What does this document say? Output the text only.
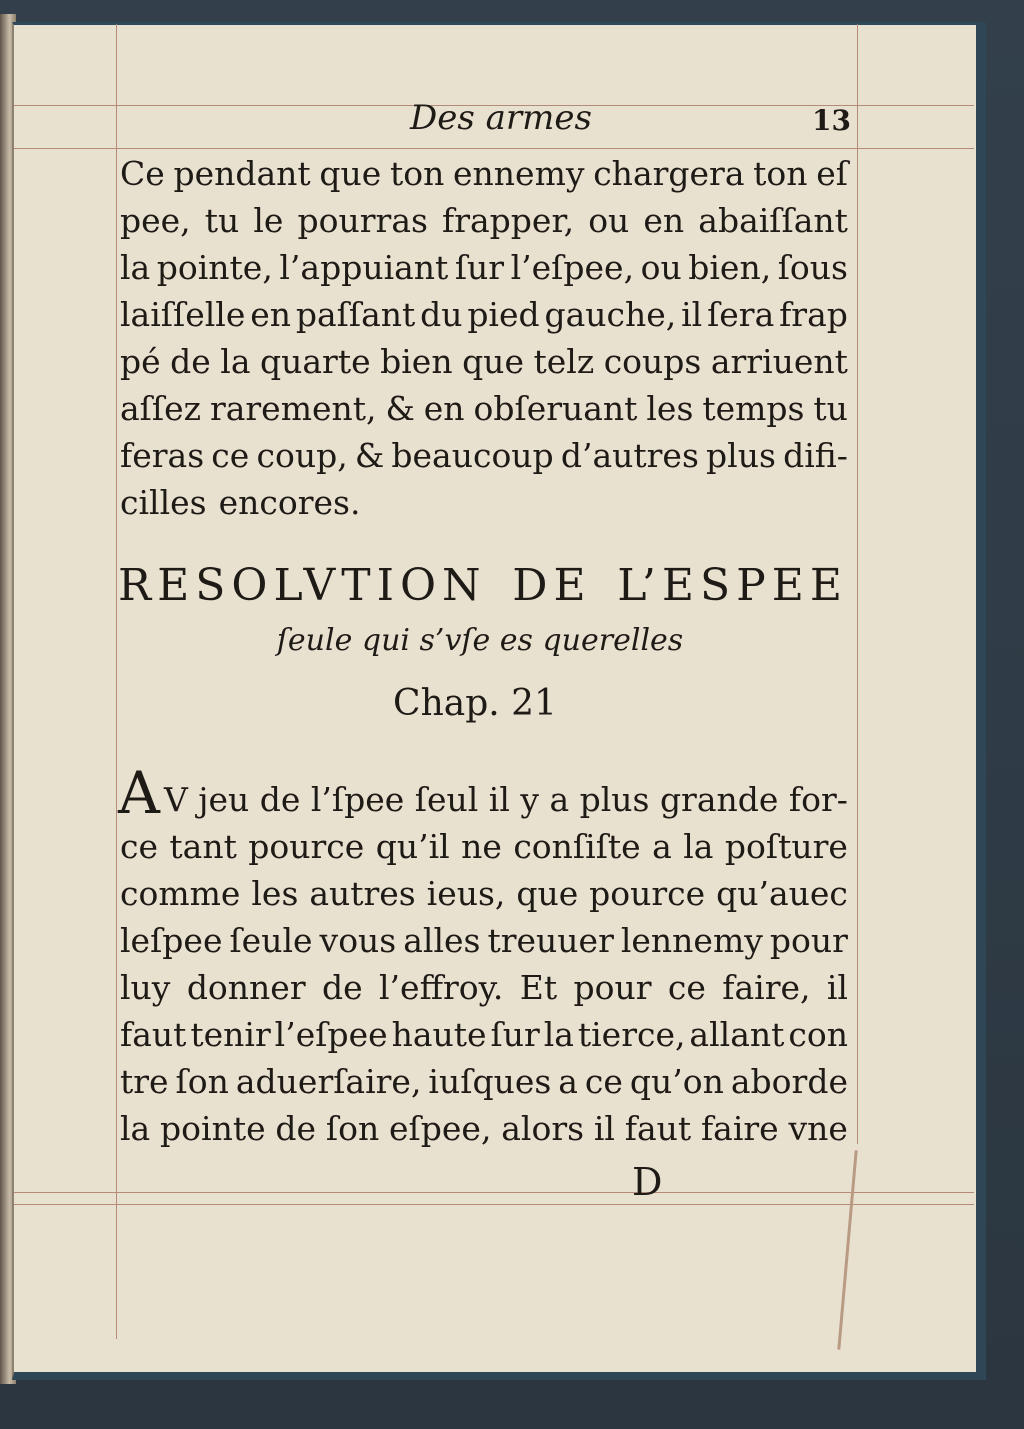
Des armes	13
Ce pendant que ton ennemy chargera ton eſ
pee, tu le pourras frapper, ou en abaiſſant
la pointe, l’appuiant ſur l’eſpee, ou bien, ſous
laiſſelle en paſſant du pied gauche, il ſera frap
pé de la quarte bien que telz coups arriuent
aſſez rarement, & en obſeruant les temps tu
feras ce coup, & beaucoup d’autres plus difi-
cilles encores.
RESOLVTION DE L’ESPEE
ſeule qui s’vſe es querelles
Chap. 21
A V jeu de l’ſpee ſeul il y a plus grande for-
ce tant pource qu’il ne conſiſte a la poſture
comme les autres ieus, que pource qu’auec
leſpee ſeule vous alles treuuer lennemy pour
luy donner de l’effroy. Et pour ce faire, il
faut tenir l’eſpee haute ſur la tierce, allant con
tre ſon aduerſaire, iuſques a ce qu’on aborde
la pointe de ſon eſpee, alors il faut faire vne
D
